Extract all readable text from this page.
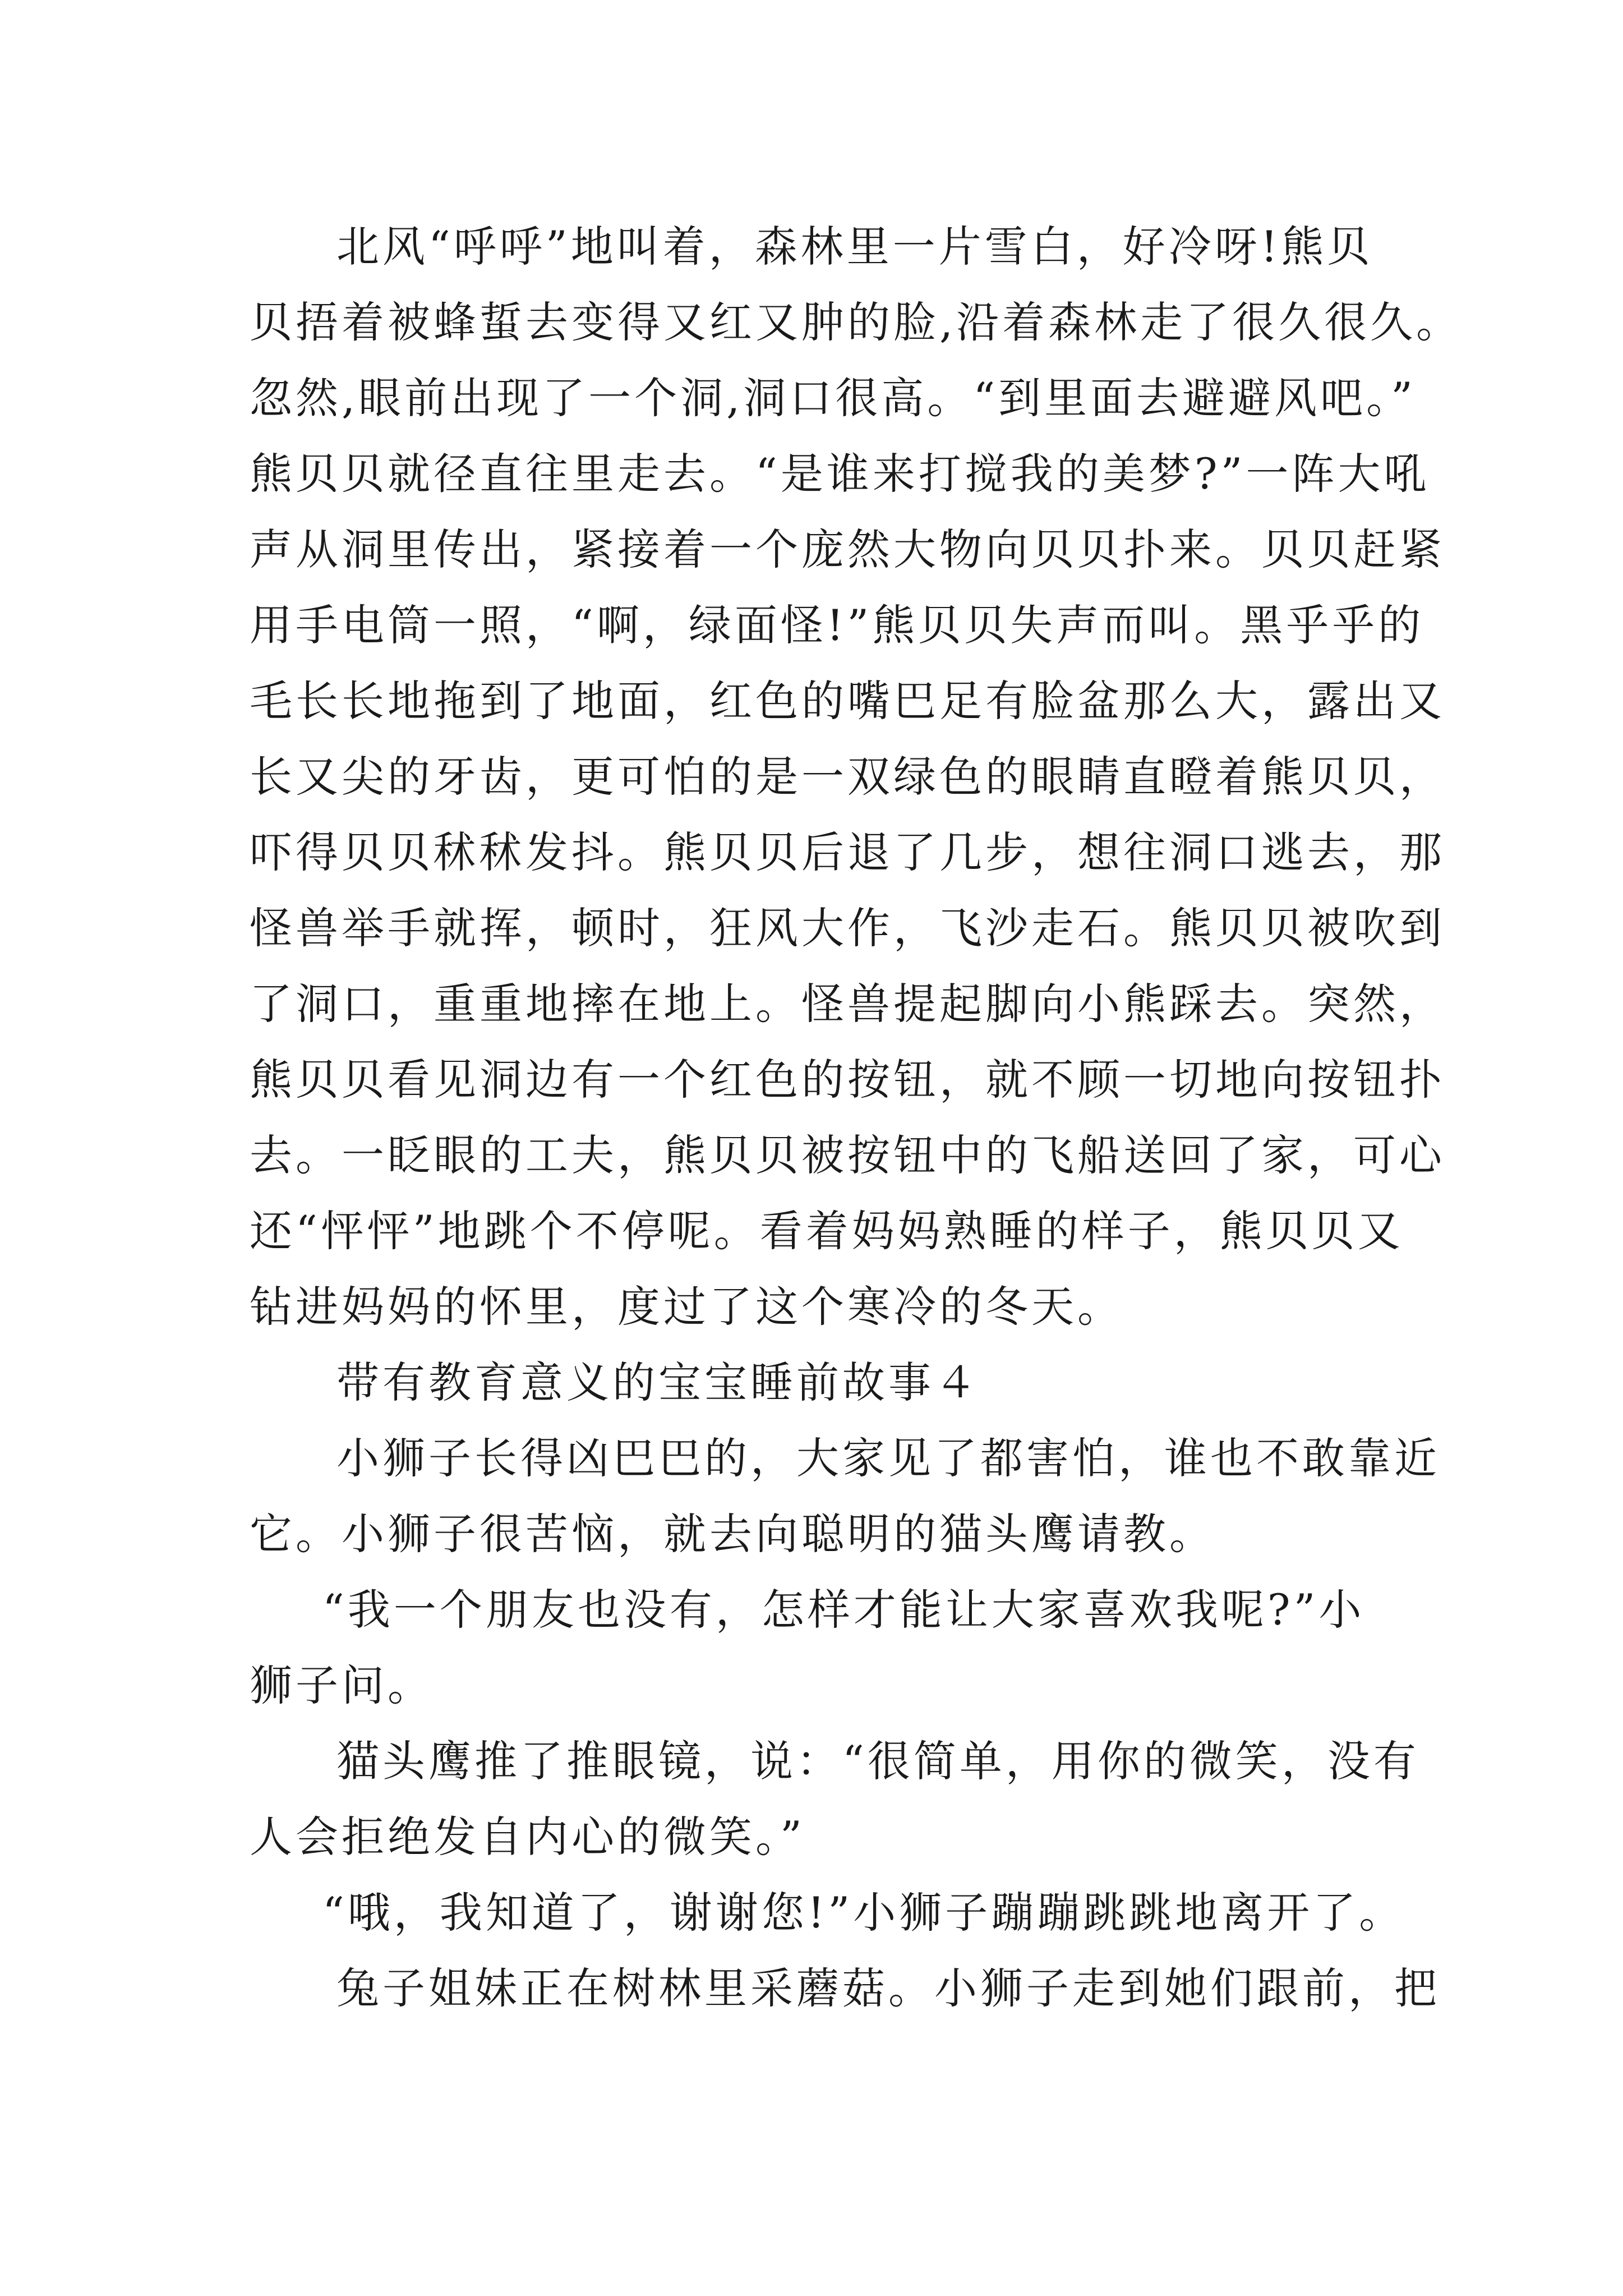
北风“呼呼”地叫着，森林里一片雪白，好冷呀!熊贝
贝捂着被蜂蜇去变得又红又肿的脸,沿着森林走了很久很久。
忽然,眼前出现了一个洞,洞口很高。“到里面去避避风吧。”
熊贝贝就径直往里走去。“是谁来打搅我的美梦?”一阵大吼
声从洞里传出，紧接着一个庞然大物向贝贝扑来。贝贝赶紧
用手电筒一照，“啊，绿面怪!”熊贝贝失声而叫。黑乎乎的
毛长长地拖到了地面，红色的嘴巴足有脸盆那么大，露出又
长又尖的牙齿，更可怕的是一双绿色的眼睛直瞪着熊贝贝，
吓得贝贝秫秫发抖。熊贝贝后退了几步，想往洞口逃去，那
怪兽举手就挥，顿时，狂风大作，飞沙走石。熊贝贝被吹到
了洞口，重重地摔在地上。怪兽提起脚向小熊踩去。突然，
熊贝贝看见洞边有一个红色的按钮，就不顾一切地向按钮扑
去。一眨眼的工夫，熊贝贝被按钮中的飞船送回了家，可心
还“怦怦”地跳个不停呢。看着妈妈熟睡的样子，熊贝贝又
钻进妈妈的怀里，度过了这个寒冷的冬天。
带有教育意义的宝宝睡前故事４
小狮子长得凶巴巴的，大家见了都害怕，谁也不敢靠近
它。小狮子很苦恼，就去向聪明的猫头鹰请教。
“我一个朋友也没有，怎样才能让大家喜欢我呢?”小
狮子问。
猫头鹰推了推眼镜，说：“很简单，用你的微笑，没有
人会拒绝发自内心的微笑。”
“哦，我知道了，谢谢您!”小狮子蹦蹦跳跳地离开了。
兔子姐妹正在树林里采蘑菇。小狮子走到她们跟前，把
